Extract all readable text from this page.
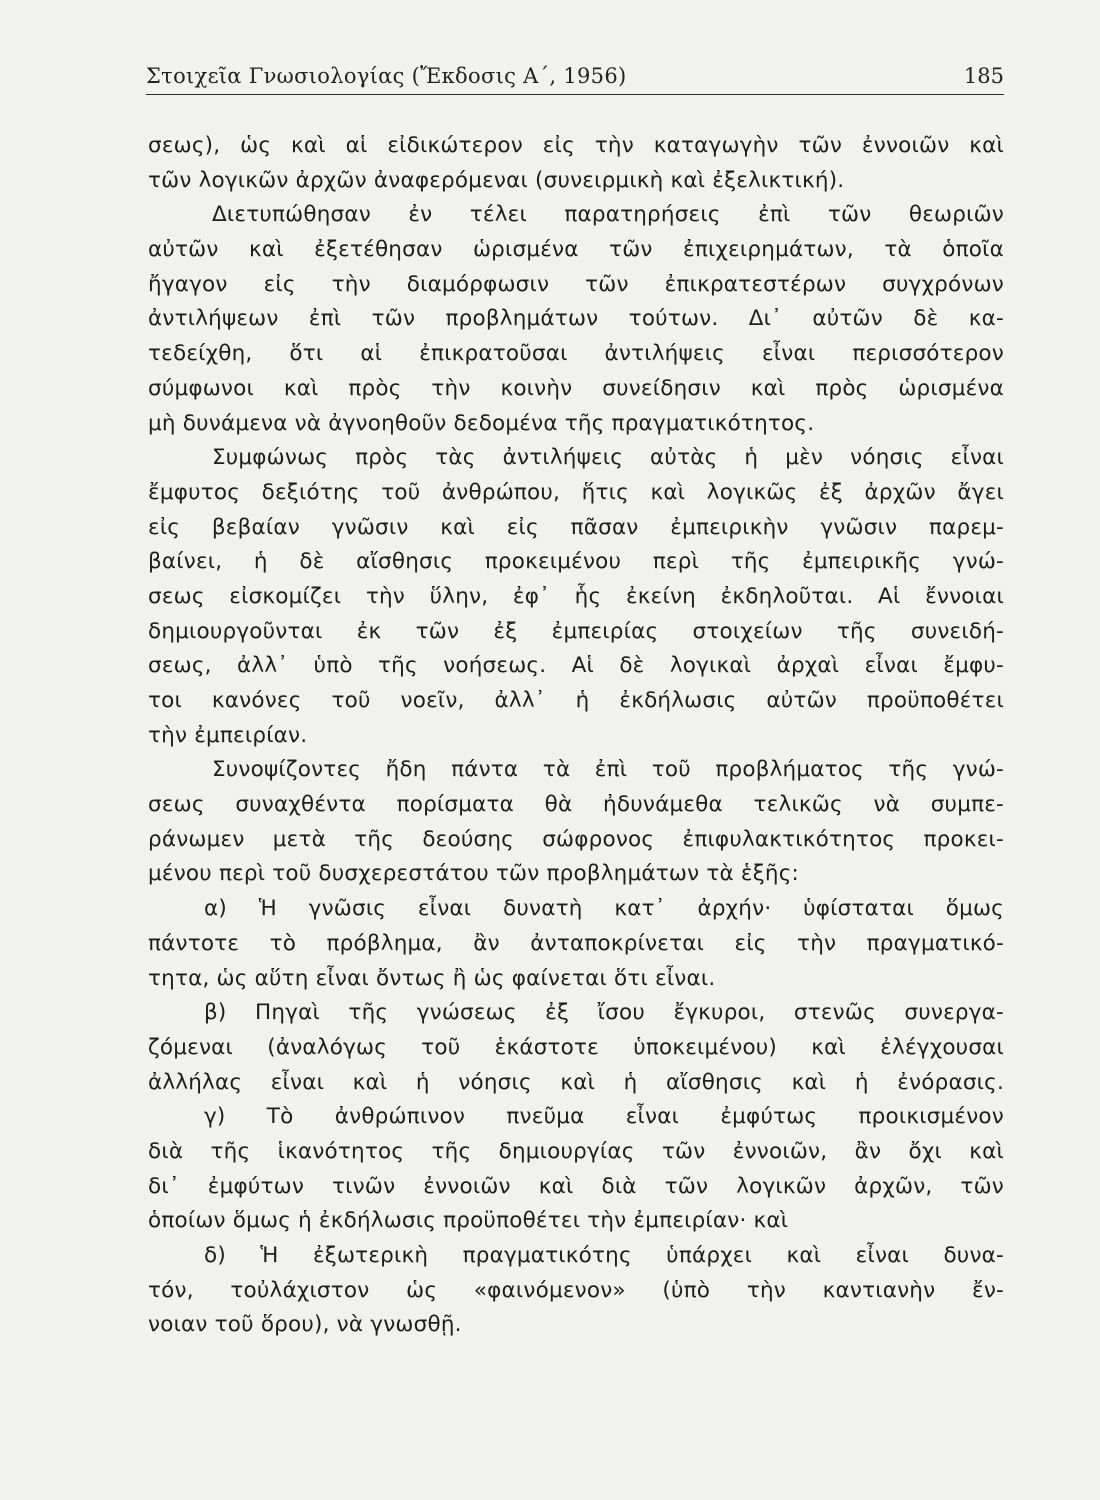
Στοιχεῖα Γνωσιολογίας (Ἔκδοσις Α΄, 1956)	185
σεως), ὡς καὶ αἱ εἰδικώτερον εἰς τὴν καταγωγὴν τῶν ἐννοιῶν καὶ
τῶν λογικῶν ἀρχῶν ἀναφερόμεναι (συνειρμικὴ καὶ ἐξελικτική).
Διετυπώθησαν ἐν τέλει παρατηρήσεις ἐπὶ τῶν θεωριῶν
αὐτῶν καὶ ἐξετέθησαν ὡρισμένα τῶν ἐπιχειρημάτων, τὰ ὁποῖα
ἤγαγον εἰς τὴν διαμόρφωσιν τῶν ἐπικρατεστέρων συγχρόνων
ἀντιλήψεων ἐπὶ τῶν προβλημάτων τούτων. Δι᾿ αὐτῶν δὲ κα-
τεδείχθη, ὅτι αἱ ἐπικρατοῦσαι ἀντιλήψεις εἶναι περισσότερον
σύμφωνοι καὶ πρὸς τὴν κοινὴν συνείδησιν καὶ πρὸς ὡρισμένα
μὴ δυνάμενα νὰ ἀγνοηθοῦν δεδομένα τῆς πραγματικότητος.
Συμφώνως πρὸς τὰς ἀντιλήψεις αὐτὰς ἡ μὲν νόησις εἶναι
ἔμφυτος δεξιότης τοῦ ἀνθρώπου, ἥτις καὶ λογικῶς ἐξ ἀρχῶν ἄγει
εἰς βεβαίαν γνῶσιν καὶ εἰς πᾶσαν ἐμπειρικὴν γνῶσιν παρεμ-
βαίνει, ἡ δὲ αἴσθησις προκειμένου περὶ τῆς ἐμπειρικῆς γνώ-
σεως εἰσκομίζει τὴν ὕλην, ἐφ᾿ ἧς ἐκείνη ἐκδηλοῦται. Αἱ ἔννοιαι
δημιουργοῦνται ἐκ τῶν ἐξ ἐμπειρίας στοιχείων τῆς συνειδή-
σεως, ἀλλ᾿ ὑπὸ τῆς νοήσεως. Αἱ δὲ λογικαὶ ἀρχαὶ εἶναι ἔμφυ-
τοι κανόνες τοῦ νοεῖν, ἀλλ᾿ ἡ ἐκδήλωσις αὐτῶν προϋποθέτει
τὴν ἐμπειρίαν.
Συνοψίζοντες ἤδη πάντα τὰ ἐπὶ τοῦ προβλήματος τῆς γνώ-
σεως συναχθέντα πορίσματα θὰ ἠδυνάμεθα τελικῶς νὰ συμπε-
ράνωμεν μετὰ τῆς δεούσης σώφρονος ἐπιφυλακτικότητος προκει-
μένου περὶ τοῦ δυσχερεστάτου τῶν προβλημάτων τὰ ἑξῆς:
α) Ἡ γνῶσις εἶναι δυνατὴ κατ᾿ ἀρχήν· ὑφίσταται ὅμως
πάντοτε τὸ πρόβλημα, ἂν ἀνταποκρίνεται εἰς τὴν πραγματικό-
τητα, ὡς αὕτη εἶναι ὄντως ἢ ὡς φαίνεται ὅτι εἶναι.
β) Πηγαὶ τῆς γνώσεως ἐξ ἴσου ἔγκυροι, στενῶς συνεργα-
ζόμεναι (ἀναλόγως τοῦ ἑκάστοτε ὑποκειμένου) καὶ ἐλέγχουσαι
ἀλλήλας εἶναι καὶ ἡ νόησις καὶ ἡ αἴσθησις καὶ ἡ ἐνόρασις.
γ) Τὸ ἀνθρώπινον πνεῦμα εἶναι ἐμφύτως προικισμένον
διὰ τῆς ἱκανότητος τῆς δημιουργίας τῶν ἐννοιῶν, ἂν ὄχι καὶ
δι᾿ ἐμφύτων τινῶν ἐννοιῶν καὶ διὰ τῶν λογικῶν ἀρχῶν, τῶν
ὁποίων ὅμως ἡ ἐκδήλωσις προϋποθέτει τὴν ἐμπειρίαν· καὶ
δ) Ἡ ἐξωτερικὴ πραγματικότης ὑπάρχει καὶ εἶναι δυνα-
τόν, τοὐλάχιστον ὡς «φαινόμενον» (ὑπὸ τὴν καντιανὴν ἔν-
νοιαν τοῦ ὅρου), νὰ γνωσθῇ.
